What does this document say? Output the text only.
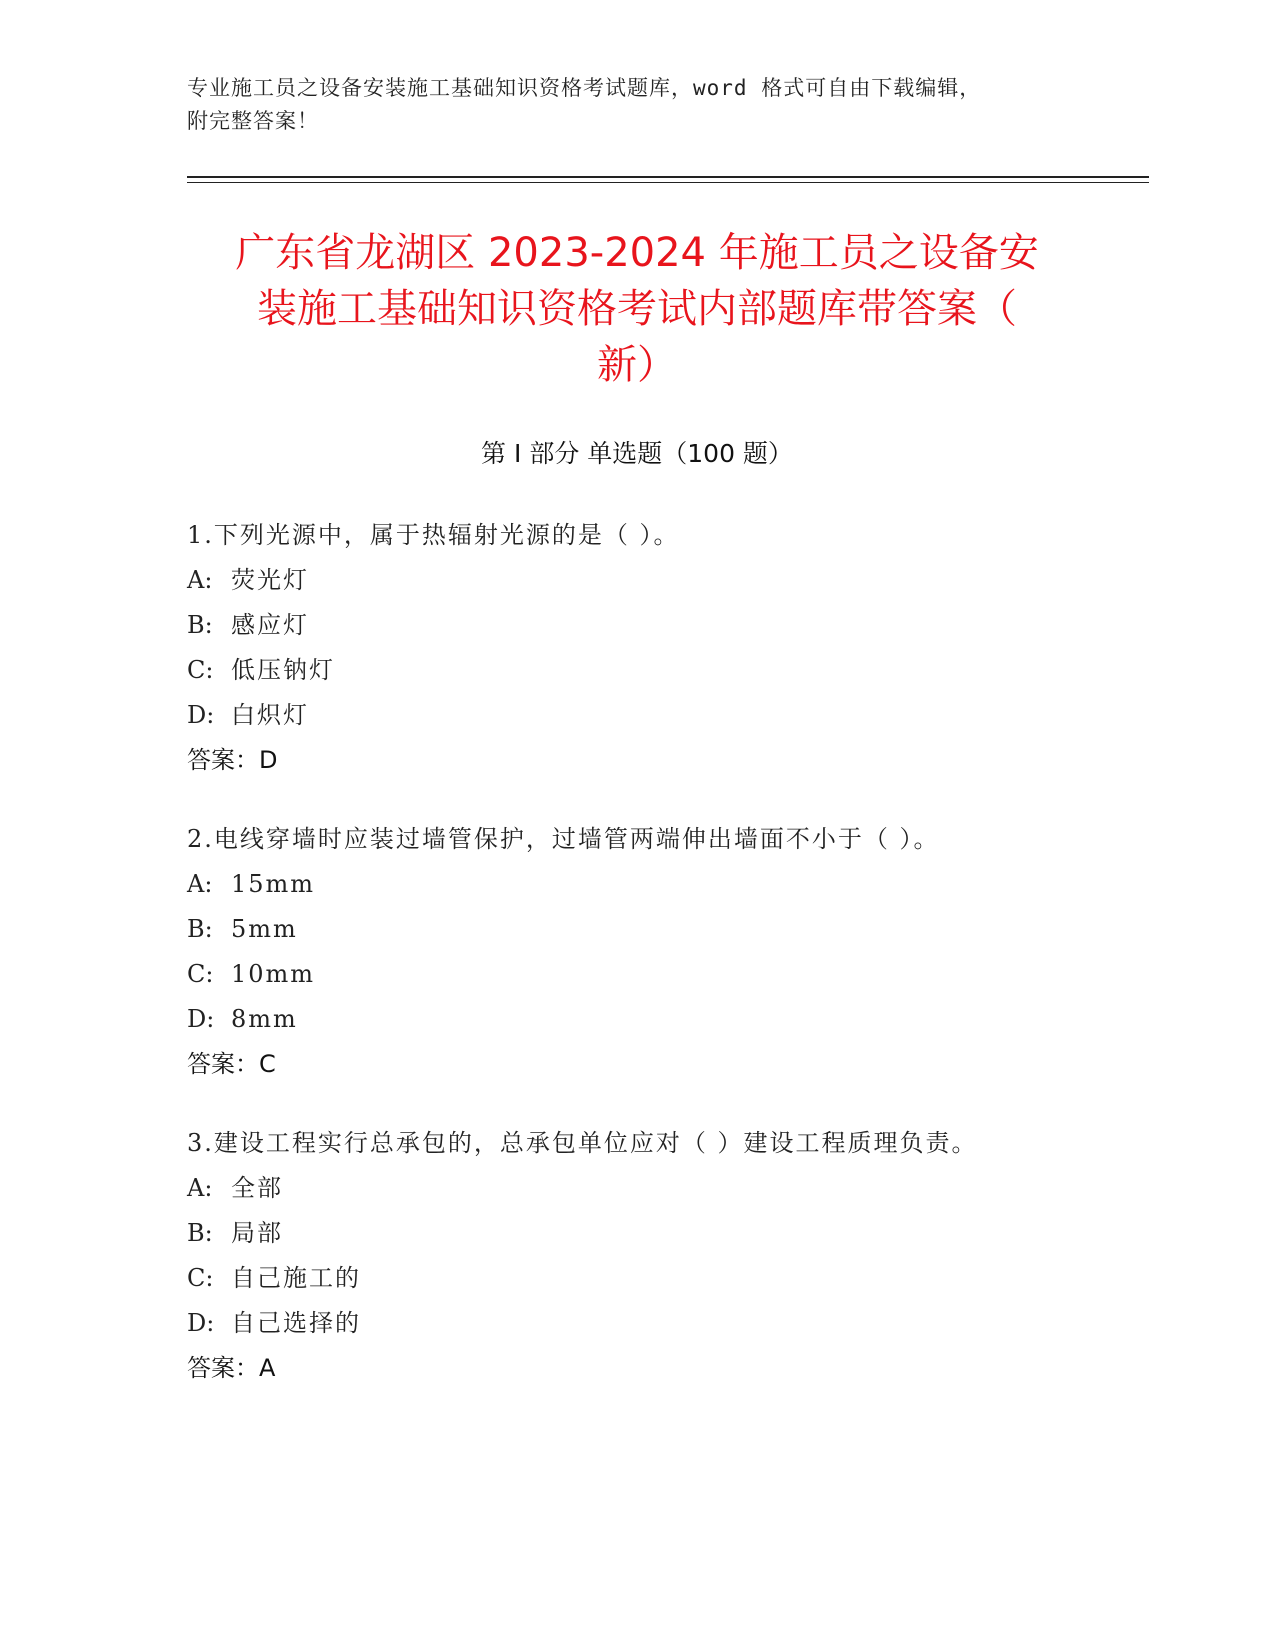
专业施工员之设备安装施工基础知识资格考试题库，word 格式可自由下载编辑，
附完整答案！
广东省龙湖区 2023-2024 年施工员之设备安
装施工基础知识资格考试内部题库带答案（
新）
第 I 部分 单选题（100 题）
1.下列光源中，属于热辐射光源的是（ ）。
A: 荧光灯
B: 感应灯
C: 低压钠灯
D: 白炽灯
答案：D
2.电线穿墙时应装过墙管保护，过墙管两端伸出墙面不小于（ ）。
A: 15mm
B: 5mm
C: 10mm
D: 8mm
答案：C
3.建设工程实行总承包的，总承包单位应对（ ）建设工程质理负责。
A: 全部
B: 局部
C: 自己施工的
D: 自己选择的
答案：A
